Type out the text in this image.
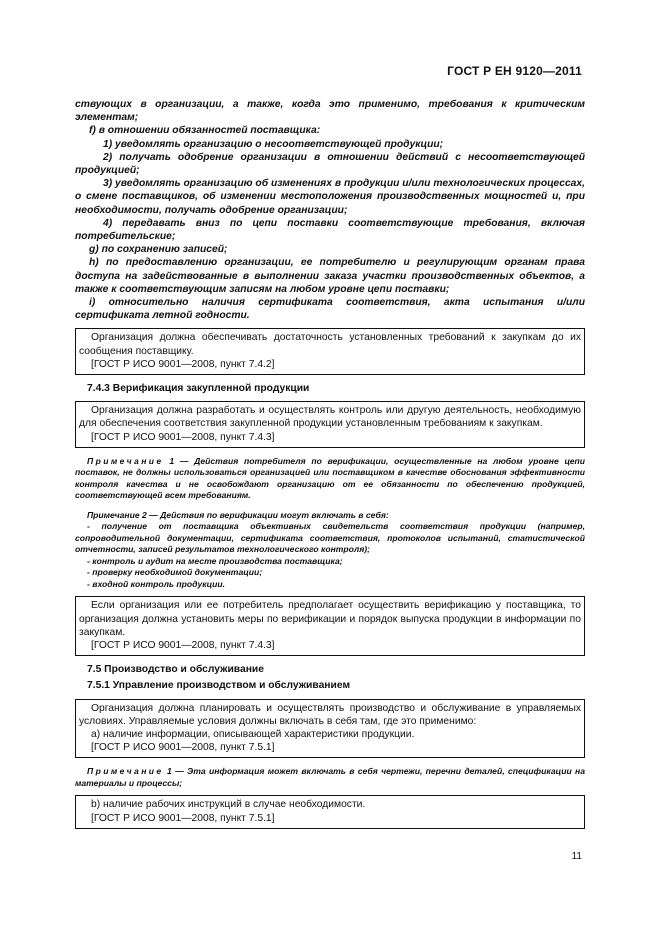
ГОСТ Р ЕН 9120—2011

ствующих в организации, а также, когда это применимо, требования к критическим элементам;

f) в отношении обязанностей поставщика:

1) уведомлять организацию о несоответствующей продукции;

2) получать одобрение организации в отношении действий с несоответствующей продукцией;

3) уведомлять организацию об изменениях в продукции и/или технологических процессах, о смене поставщиков, об изменении местоположения производственных мощностей и, при необходимости, получать одобрение организации;

4) передавать вниз по цепи поставки соответствующие требования, включая потребительские;

g) по сохранению записей;

h) по предоставлению организации, ее потребителю и регулирующим органам права доступа на задействованные в выполнении заказа участки производственных объектов, а также к соответствующим записям на любом уровне цепи поставки;

i) относительно наличия сертификата соответствия, акта испытания и/или сертификата летной годности.

Организация должна обеспечивать достаточность установленных требований к закупкам до их сообщения поставщику.

[ГОСТ Р ИСО 9001—2008, пункт 7.4.2]

7.4.3 Верификация закупленной продукции

Организация должна разработать и осуществлять контроль или другую деятельность, необходимую для обеспечения соответствия закупленной продукции установленным требованиям к закупкам.

[ГОСТ Р ИСО 9001—2008, пункт 7.4.3]

Примечание 1 — Действия потребителя по верификации, осуществленные на любом уровне цепи поставок, не должны использоваться организацией или поставщиком в качестве обоснования эффективности контроля качества и не освобождают организацию от ее обязанности по обеспечению продукцией, соответствующей всем требованиям.

Примечание 2 — Действия по верификации могут включать в себя:

- получение от поставщика объективных свидетельств соответствия продукции (например, сопроводительной документации, сертификата соответствия, протоколов испытаний, статистической отчетности, записей результатов технологического контроля);

- контроль и аудит на месте производства поставщика;

- проверку необходимой документации;

- входной контроль продукции.

Если организация или ее потребитель предполагает осуществить верификацию у поставщика, то организация должна установить меры по верификации и порядок выпуска продукции в информации по закупкам.

[ГОСТ Р ИСО 9001—2008, пункт 7.4.3]

7.5 Производство и обслуживание

7.5.1 Управление производством и обслуживанием

Организация должна планировать и осуществлять производство и обслуживание в управляемых условиях. Управляемые условия должны включать в себя там, где это применимо:

a) наличие информации, описывающей характеристики продукции.
[ГОСТ Р ИСО 9001—2008, пункт 7.5.1]

Примечание 1 — Эта информация может включать в себя чертежи, перечни деталей, спецификации на материалы и процессы;

b) наличие рабочих инструкций в случае необходимости.
[ГОСТ Р ИСО 9001—2008, пункт 7.5.1]
11
